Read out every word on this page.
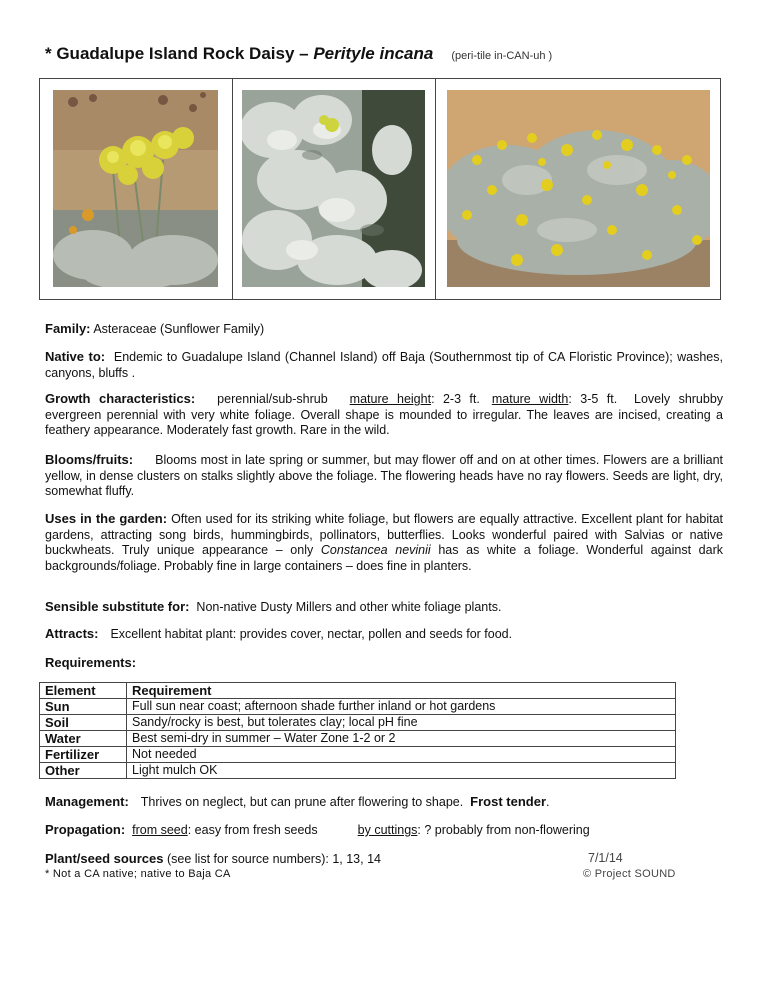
* Guadalupe Island Rock Daisy – Perityle incana (peri-tile in-CAN-uh )

Family: Asteraceae (Sunflower Family)

Native to: Endemic to Guadalupe Island (Channel Island) off Baja (Southernmost tip of CA Floristic Province); washes, canyons, bluffs .

Growth characteristics: perennial/sub-shrub mature height: 2-3 ft. mature width: 3-5 ft. Lovely shrubby evergreen perennial with very white foliage. Overall shape is mounded to irregular. The leaves are incised, creating a feathery appearance. Moderately fast growth. Rare in the wild.

Blooms/fruits: Blooms most in late spring or summer, but may flower off and on at other times. Flowers are a brilliant yellow, in dense clusters on stalks slightly above the foliage. The flowering heads have no ray flowers. Seeds are light, dry, somewhat fluffy.

Uses in the garden: Often used for its striking white foliage, but flowers are equally attractive. Excellent plant for habitat gardens, attracting song birds, hummingbirds, pollinators, butterflies. Looks wonderful paired with Salvias or native buckwheats. Truly unique appearance – only Constancea nevinii has as white a foliage. Wonderful against dark backgrounds/foliage. Probably fine in large containers – does fine in planters.

Sensible substitute for: Non-native Dusty Millers and other white foliage plants.

Attracts: Excellent habitat plant: provides cover, nectar, pollen and seeds for food.

Requirements:

Element	Requirement
Sun	Full sun near coast; afternoon shade further inland or hot gardens
Soil	Sandy/rocky is best, but tolerates clay; local pH fine
Water	Best semi-dry in summer – Water Zone 1-2 or 2
Fertilizer	Not needed
Other	Light mulch OK

Management: Thrives on neglect, but can prune after flowering to shape. Frost tender.

Propagation: from seed: easy from fresh seeds	by cuttings: ? probably from non-flowering

Plant/seed sources (see list for source numbers): 1, 13, 14	7/1/14
* Not a CA native; native to Baja CA	© Project SOUND
